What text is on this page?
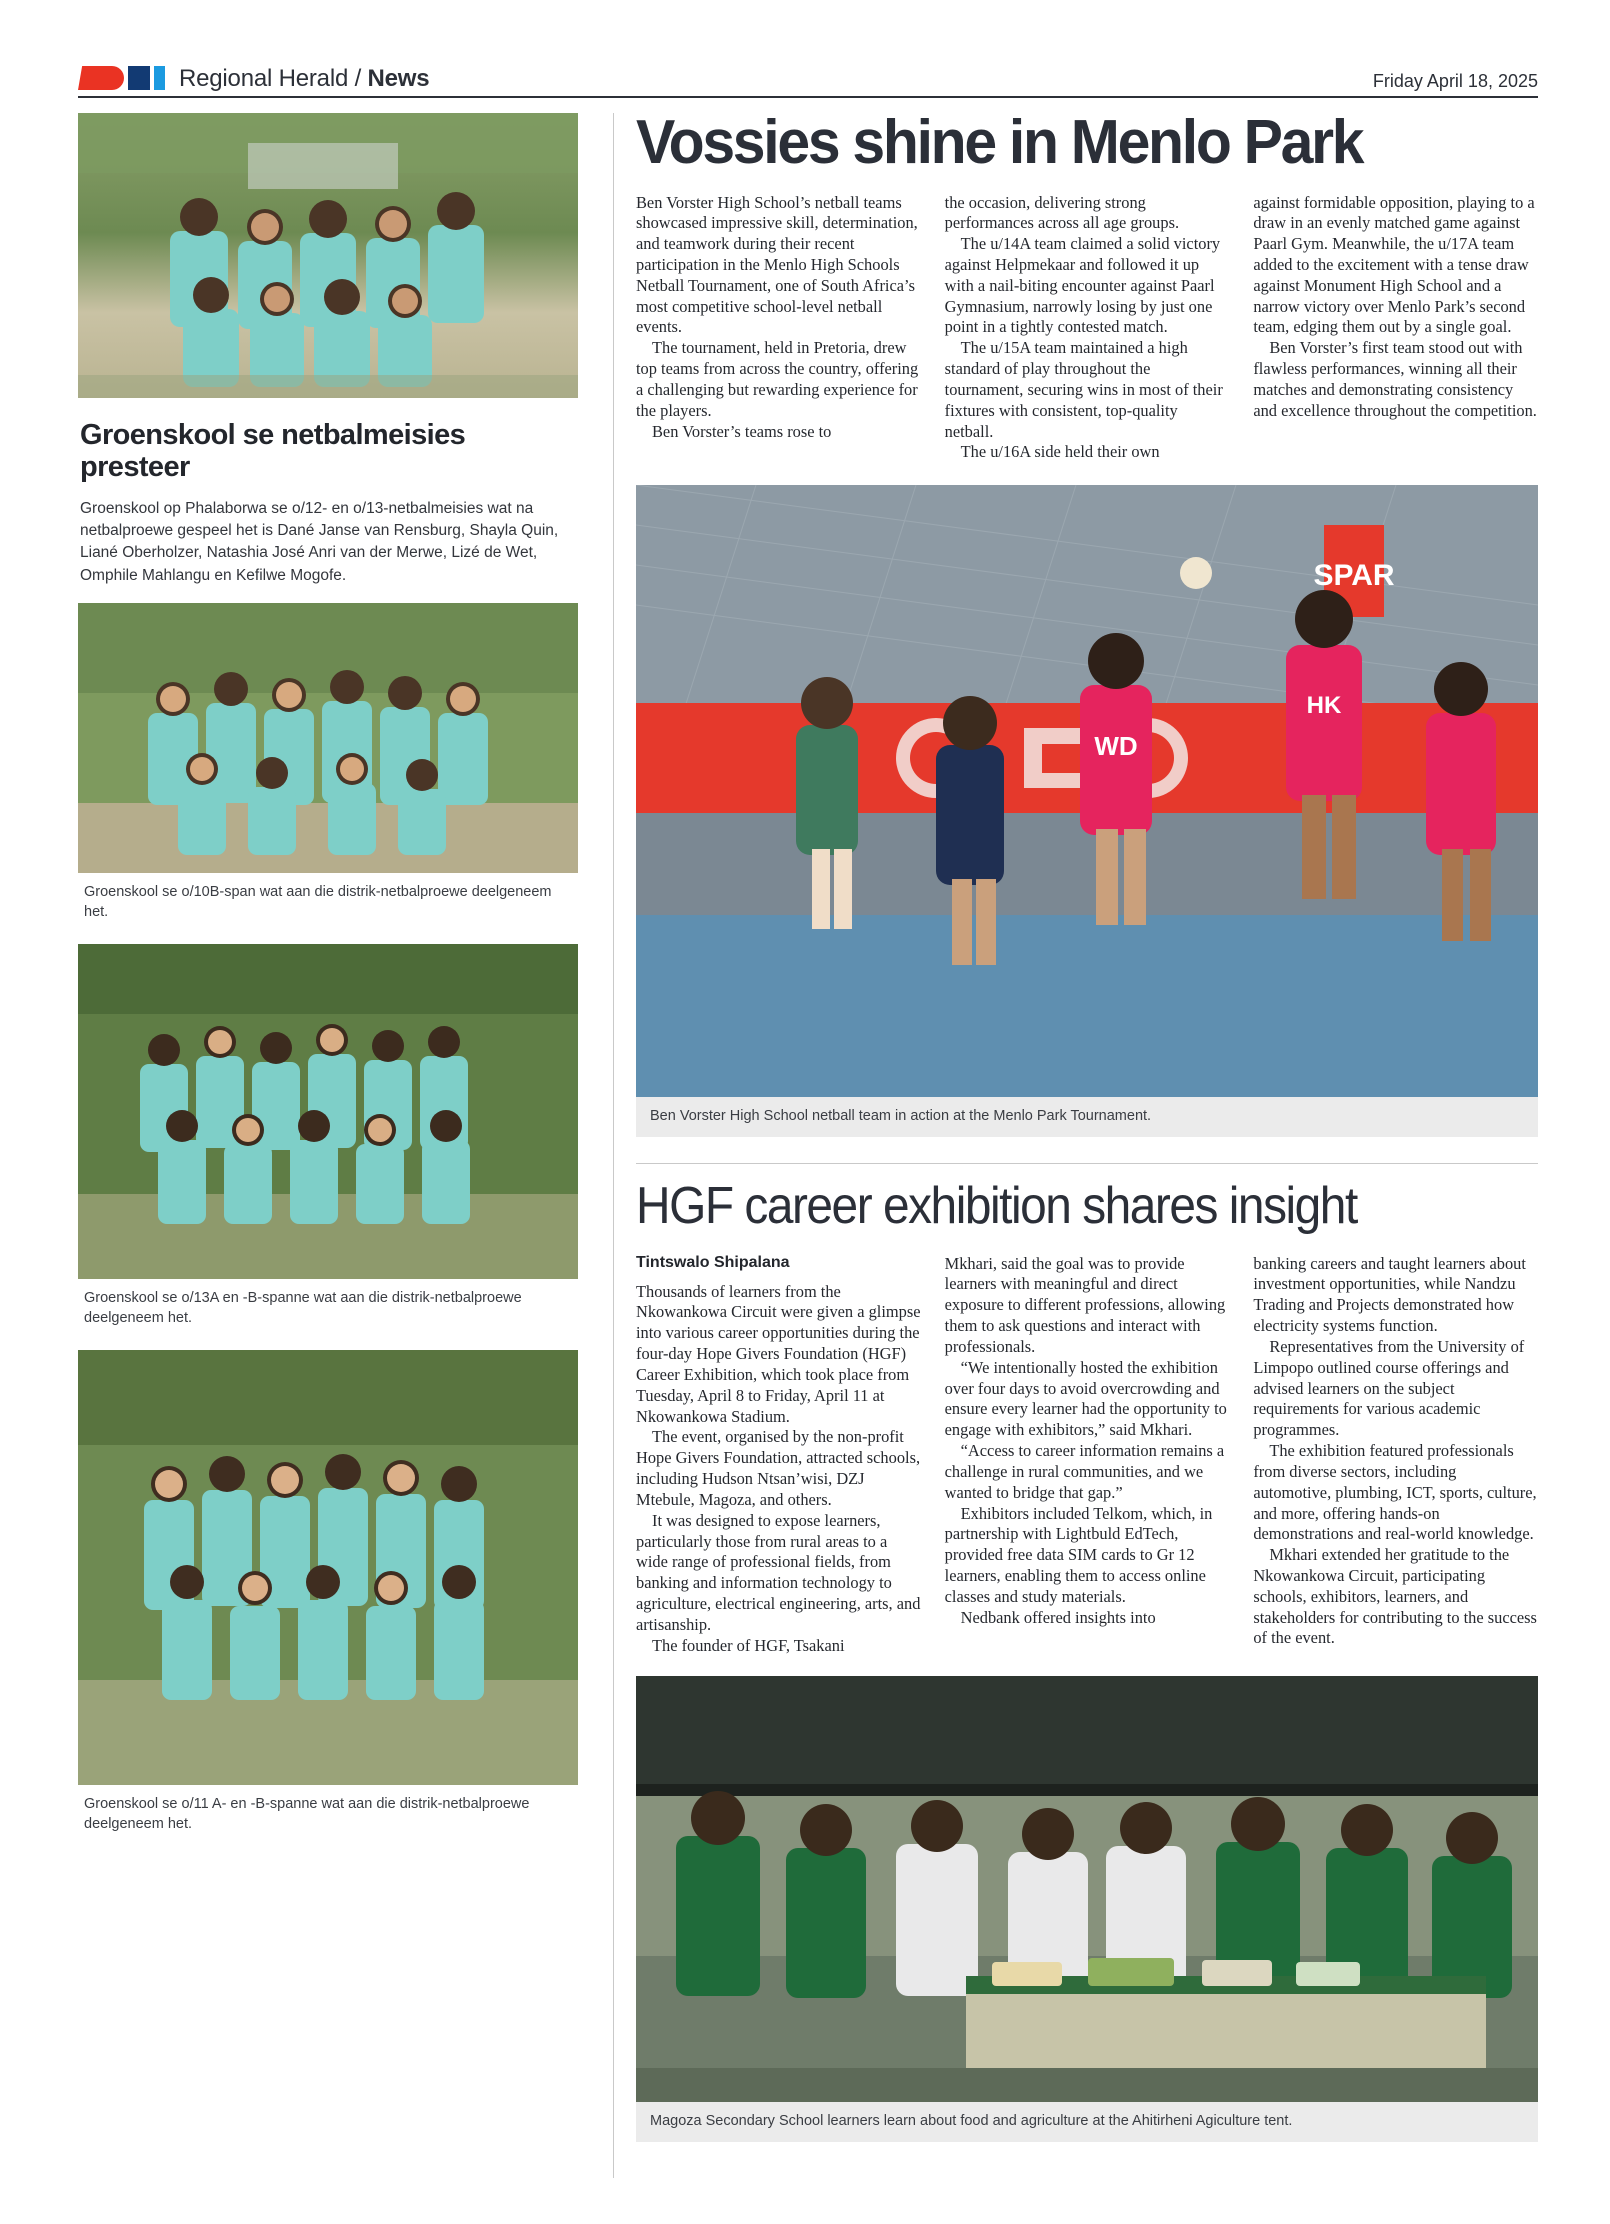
Regional Herald / News	Friday April 18, 2025
Groenskool se netbalmeisies presteer
Groenskool op Phalaborwa se o/12- en o/13-netbalmeisies wat na netbalproewe gespeel het is Dané Janse van Rensburg, Shayla Quin, Liané Oberholzer, Natashia José Anri van der Merwe, Lizé de Wet, Omphile Mahlangu en Kefilwe Mogofe.
Groenskool se o/10B-span wat aan die distrik-netbalproewe deelgeneem het.
Groenskool se o/13A en -B-spanne wat aan die distrik-netbalproewe deelgeneem het.
Groenskool se o/11 A- en -B-spanne wat aan die distrik-netbalproewe deelgeneem het.
Vossies shine in Menlo Park

Ben Vorster High School’s netball teams showcased impressive skill, determination, and teamwork during their recent participation in the Menlo High Schools Netball Tournament, one of South Africa’s most competitive school-level netball events.

The tournament, held in Pretoria, drew top teams from across the country, offering a challenging but rewarding experience for the players.

Ben Vorster’s teams rose to

the occasion, delivering strong performances across all age groups.

The u/14A team claimed a solid victory against Helpmekaar and followed it up with a nail-biting encounter against Paarl Gymnasium, narrowly losing by just one point in a tightly contested match.

The u/15A team maintained a high standard of play throughout the tournament, securing wins in most of their fixtures with consistent, top-quality netball.

The u/16A side held their own

against formidable opposition, playing to a draw in an evenly matched game against Paarl Gym. Meanwhile, the u/17A team added to the excitement with a tense draw against Monument High School and a narrow victory over Menlo Park’s second team, edging them out by a single goal.

Ben Vorster’s first team stood out with flawless performances, winning all their matches and demonstrating consistency and excellence throughout the competition.

SPAR
WD
HK
Ben Vorster High School netball team in action at the Menlo Park Tournament.
HGF career exhibition shares insight
Tintswalo Shipalana

Thousands of learners from the Nkowankowa Circuit were given a glimpse into various career opportunities during the four-day Hope Givers Foundation (HGF) Career Exhibition, which took place from Tuesday, April 8 to Friday, April 11 at Nkowankowa Stadium.

The event, organised by the non-profit Hope Givers Foundation, attracted schools, including Hudson Ntsan’wisi, DZJ Mtebule, Magoza, and others.

It was designed to expose learners, particularly those from rural areas to a wide range of professional fields, from banking and information technology to agriculture, electrical engineering, arts, and artisanship.

The founder of HGF, Tsakani

Mkhari, said the goal was to provide learners with meaningful and direct exposure to different professions, allowing them to ask questions and interact with professionals.

“We intentionally hosted the exhibition over four days to avoid overcrowding and ensure every learner had the opportunity to engage with exhibitors,” said Mkhari.

“Access to career information remains a challenge in rural communities, and we wanted to bridge that gap.”

Exhibitors included Telkom, which, in partnership with Lightbuld EdTech, provided free data SIM cards to Gr 12 learners, enabling them to access online classes and study materials.

Nedbank offered insights into

banking careers and taught learners about investment opportunities, while Nandzu Trading and Projects demonstrated how electricity systems function.

Representatives from the University of Limpopo outlined course offerings and advised learners on the subject requirements for various academic programmes.

The exhibition featured professionals from diverse sectors, including automotive, plumbing, ICT, sports, culture, and more, offering hands-on demonstrations and real-world knowledge.

Mkhari extended her gratitude to the Nkowankowa Circuit, participating schools, exhibitors, learners, and stakeholders for contributing to the success of the event.

Magoza Secondary School learners learn about food and agriculture at the Ahitirheni Agiculture tent.
